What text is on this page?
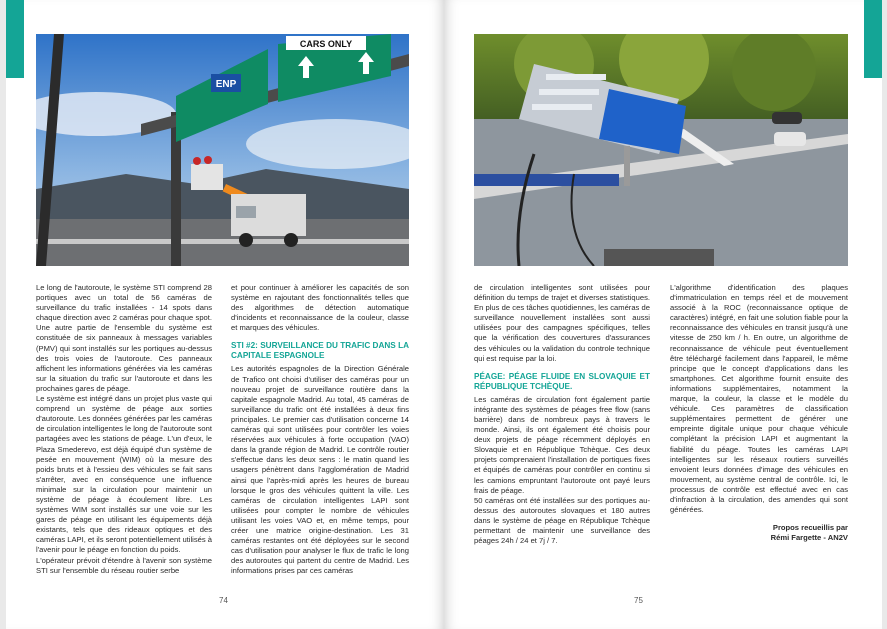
ENP
CARS ONLY

Le long de l'autoroute, le système STI comprend 28 portiques avec un total de 56 caméras de surveillance du trafic installées - 14 spots dans chaque direction avec 2 caméras pour chaque spot. Une autre partie de l'ensemble du système est constituée de six panneaux à messages variables (PMV) qui sont installés sur les portiques au-dessus des trois voies de l'autoroute. Ces panneaux affichent les informations générées via les caméras sur la situation du trafic sur l'autoroute et dans les prochaines gares de péage.

Le système est intégré dans un projet plus vaste qui comprend un système de péage aux sorties d'autoroute. Les données générées par les caméras de circulation intelligentes le long de l'autoroute sont partagées avec les stations de péage. L'un d'eux, le Plaza Smederevo, est déjà équipé d'un système de pesée en mouvement (WIM) où la mesure des poids bruts et à l'essieu des véhicules se fait sans s'arrêter, avec en conséquence une influence minimale sur la circulation pour maintenir un système de péage à écoulement libre. Les systèmes WIM sont installés sur une voie sur les gares de péage en utilisant les équipements déjà existants, tels que des rideaux optiques et des caméras LAPI, et ils seront potentiellement utilisés à l'avenir pour le péage en fonction du poids.

L'opérateur prévoit d'étendre à l'avenir son système STI sur l'ensemble du réseau routier serbe

et pour continuer à améliorer les capacités de son système en rajoutant des fonctionnalités telles que des algorithmes de détection automatique d'incidents et reconnaissance de la couleur, classe et marques des véhicules.

STI #2: SURVEILLANCE DU TRAFIC DANS LA CAPITALE ESPAGNOLE

Les autorités espagnoles de la Direction Générale de Trafico ont choisi d'utiliser des caméras pour un nouveau projet de surveillance routière dans la capitale espagnole Madrid. Au total, 45 caméras de surveillance du trafic ont été installées à deux fins principales. Le premier cas d'utilisation concerne 14 caméras qui sont utilisées pour contrôler les voies réservées aux véhicules à forte occupation (VAO) dans la grande région de Madrid. Le contrôle routier s'effectue dans les deux sens : le matin quand les usagers pénètrent dans l'agglomération de Madrid ainsi que l'après-midi après les heures de bureau lorsque le gros des véhicules quittent la ville. Les caméras de circulation intelligentes LAPI sont utilisées pour compter le nombre de véhicules utilisant les voies VAO et, en même temps, pour créer une matrice origine-destination. Les 31 caméras restantes ont été déployées sur le second cas d'utilisation pour analyser le flux de trafic le long des autoroutes qui partent du centre de Madrid. Les informations prises par ces caméras

74

de circulation intelligentes sont utilisées pour définition du temps de trajet et diverses statistiques. En plus de ces tâches quotidiennes, les caméras de surveillance nouvellement installées sont aussi utilisées pour des campagnes spécifiques, telles que la vérification des couvertures d'assurances des véhicules ou la validation du controle technique qui est requise par la loi.

PÉAGE: PÉAGE FLUIDE EN SLOVAQUIE ET RÉPUBLIQUE TCHÈQUE.

Les caméras de circulation font également partie intégrante des systèmes de péages free flow (sans barrière) dans de nombreux pays à travers le monde. Ainsi, ils ont également été choisis pour deux projets de péage récemment déployés en Slovaquie et en République Tchèque. Ces deux projets comprenaient l'installation de portiques fixes et équipés de caméras pour contrôler en continu si les camions empruntant l'autoroute ont payé leurs frais de péage.

50 caméras ont été installées sur des portiques au-dessus des autoroutes slovaques et 180 autres dans le système de péage en République Tchèque permettant de maintenir une surveillance des péages 24h / 24 et 7j / 7.

L'algorithme d'identification des plaques d'immatriculation en temps réel et de mouvement associé à la ROC (reconnaissance optique de caractères) intégré, en fait une solution fiable pour la reconnaissance des véhicules en transit jusqu'à une vitesse de 250 km / h. En outre, un algorithme de reconnaissance de véhicule peut éventuellement être téléchargé facilement dans l'appareil, le même principe que le concept d'applications dans les smartphones. Cet algorithme fournit ensuite des informations supplémentaires, notamment la marque, la couleur, la classe et le modèle du véhicule. Ces paramètres de classification supplémentaires permettent de générer une empreinte digitale unique pour chaque véhicule complétant la précision LAPI et augmentant la fiabilité du péage. Toutes les caméras LAPI intelligentes sur les réseaux routiers surveillés envoient leurs données d'image des véhicules en mouvement, au système central de contrôle. Ici, le processus de contrôle est effectué avec en cas d'infraction à la circulation, des amendes qui sont générées.

Propos recueillis par

Rémi Fargette - AN2V

75
